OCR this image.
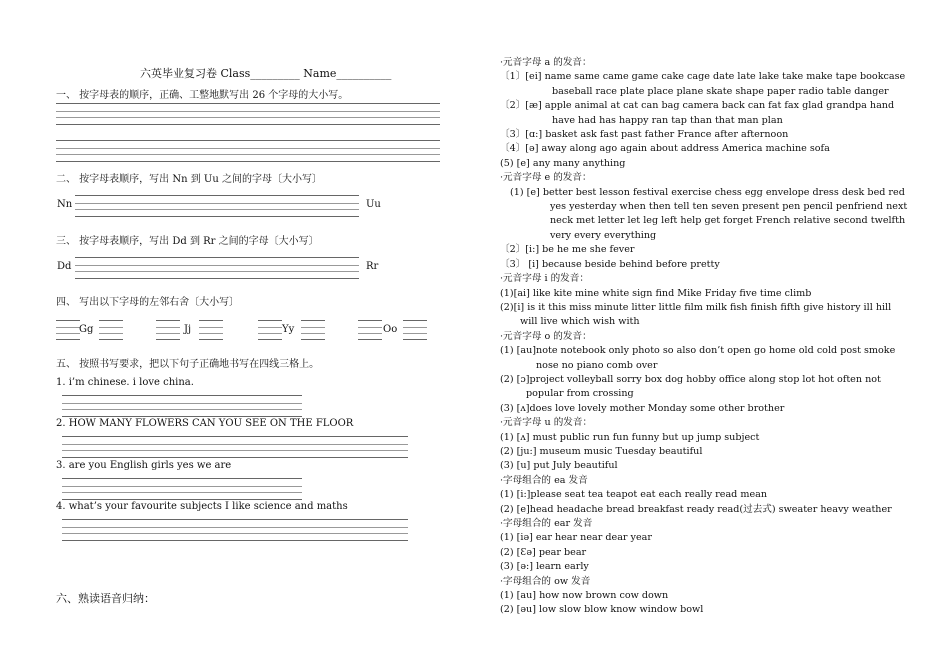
六英毕业复习卷 Class_________ Name__________
一、 按字母表的顺序，正确、工整地默写出 26 个字母的大小写。
二、 按字母表顺序，写出 Nn 到 Uu 之间的字母〔大小写〕
Nn	Uu
三、 按字母表顺序，写出 Dd 到 Rr 之间的字母〔大小写〕
Dd	Rr
四、 写出以下字母的左邻右舍〔大小写〕
Gg	Jj	Yy	Oo
五、 按照书写要求，把以下句子正确地书写在四线三格上。
1. i’m chinese. i love china.
2. HOW MANY FLOWERS CAN YOU SEE ON THE FLOOR
3. are you English girls yes we are
4. what’s your favourite subjects I like science and maths
六、熟读语音归纳：
·元音字母 a 的发音：
〔1〕[ei] name same came game cake cage date late lake take make tape bookcase
baseball race plate place plane skate shape paper radio table danger
〔2〕[æ] apple animal at cat can bag camera back can fat fax glad grandpa hand
have had has happy ran tap than that man plan
〔3〕[ɑ:] basket ask fast past father France after afternoon
〔4〕[ə] away along ago again about address America machine sofa
(5) [e] any many anything
·元音字母 e 的发音：
(1) [e] better best lesson festival exercise chess egg envelope dress desk bed red
yes yesterday when then tell ten seven present pen pencil penfriend next
neck met letter let leg left help get forget French relative second twelfth
very every everything
〔2〕[i:] be he me she fever
〔3〕 [i] because beside behind before pretty
·元音字母 i 的发音：
(1)[ai] like kite mine white sign find Mike Friday five time climb
(2)[i] is it this miss minute litter little film milk fish finish fifth give history ill hill
will live which wish with
·元音字母 o 的发音：
(1) [au]note notebook only photo so also don’t open go home old cold post smoke
nose no piano comb over
(2) [ɔ]project volleyball sorry box dog hobby office along stop lot hot often not
popular from crossing
(3) [ʌ]does love lovely mother Monday some other brother
·元音字母 u 的发音：
(1) [ʌ] must public run fun funny but up jump subject
(2) [ju:] museum music Tuesday beautiful
(3) [u] put July beautiful
·字母组合的 ea 发音
(1) [i:]please seat tea teapot eat each really read mean
(2) [e]head headache bread breakfast ready read(过去式) sweater heavy weather
·字母组合的 ear 发音
(1) [iə] ear hear near dear year
(2) [Ɛə] pear bear
(3) [ə:] learn early
·字母组合的 ow 发音
(1) [au] how now brown cow down
(2) [əu] low slow blow know window bowl
